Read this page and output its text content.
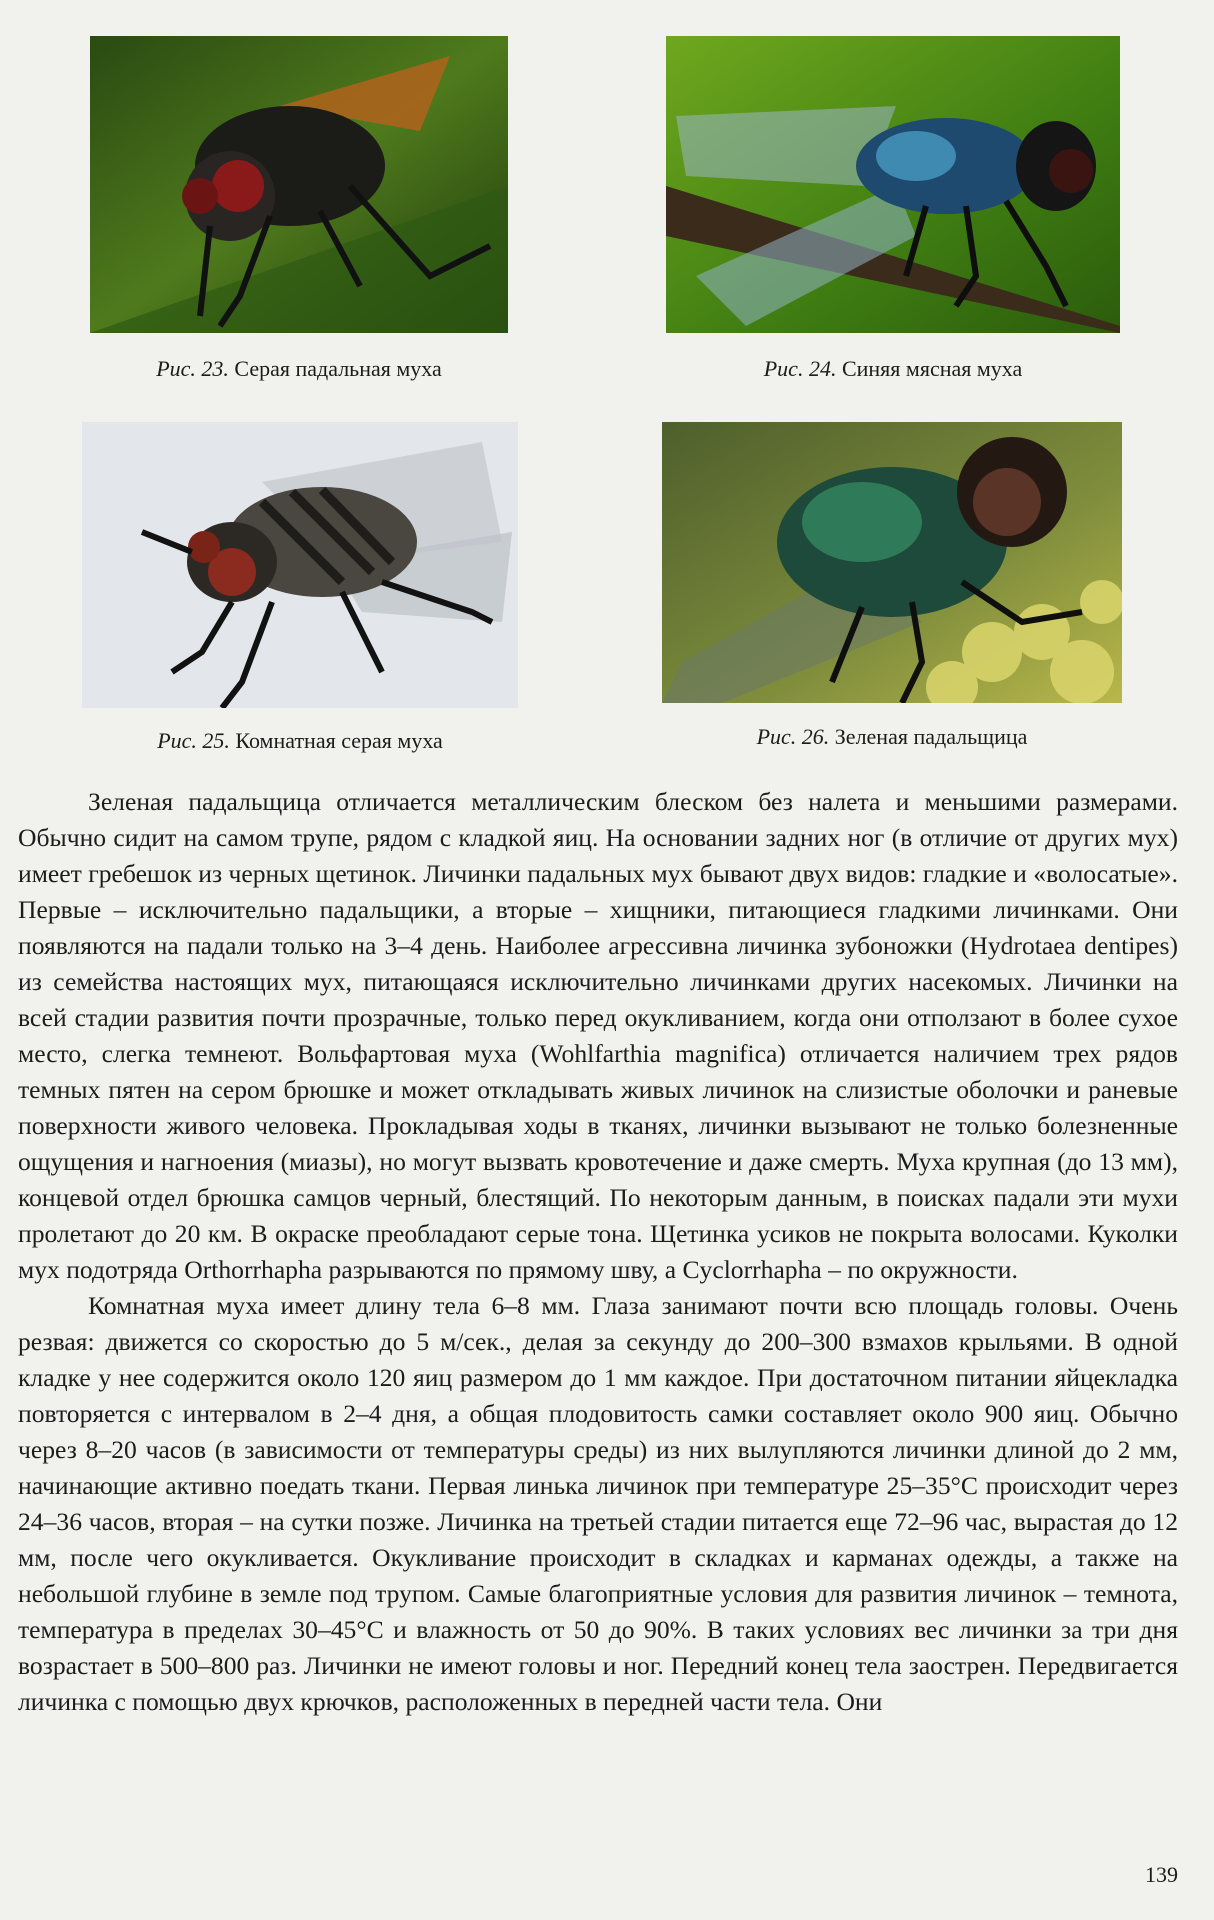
Рис. 23. Серая падальная муха	Рис. 24. Синяя мясная муха
Рис. 25. Комнатная серая муха	Рис. 26. Зеленая падальщица

Зеленая падальщица отличается металлическим блеском без налета и меньшими размерами. Обычно сидит на самом трупе, рядом с кладкой яиц. На основании задних ног (в отличие от других мух) имеет гребешок из черных щетинок. Личинки падальных мух бывают двух видов: гладкие и «волосатые». Первые – исключительно падальщики, а вторые – хищники, питающиеся гладкими личинками. Они появляются на падали только на 3–4 день. Наиболее агрессивна личинка зубоножки (Hydrotaea dentipes) из семейства настоящих мух, питающаяся исключительно личинками других насекомых. Личинки на всей стадии развития почти прозрачные, только перед окукливанием, когда они отползают в более сухое место, слегка темнеют. Вольфартовая муха (Wohlfarthia magnifica) отличается наличием трех рядов темных пятен на сером брюшке и может откладывать живых личинок на слизистые оболочки и раневые поверхности живого человека. Прокладывая ходы в тканях, личинки вызывают не только болезненные ощущения и нагноения (миазы), но могут вызвать кровотечение и даже смерть. Муха крупная (до 13 мм), концевой отдел брюшка самцов черный, блестящий. По некоторым данным, в поисках падали эти мухи пролетают до 20 км. В окраске преобладают серые тона. Щетинка усиков не покрыта волосами. Куколки мух подотряда Orthorrhapha разрываются по прямому шву, а Cyclorrhapha – по окружности.

Комнатная муха имеет длину тела 6–8 мм. Глаза занимают почти всю площадь головы. Очень резвая: движется со скоростью до 5 м/сек., делая за секунду до 200–300 взмахов крыльями. В одной кладке у нее содержится около 120 яиц размером до 1 мм каждое. При достаточном питании яйцекладка повторяется с интервалом в 2–4 дня, а общая плодовитость самки составляет около 900 яиц. Обычно через 8–20 часов (в зависимости от температуры среды) из них вылупляются личинки длиной до 2 мм, начинающие активно поедать ткани. Первая линька личинок при температуре 25–35°С происходит через 24–36 часов, вторая – на сутки позже. Личинка на третьей стадии питается еще 72–96 час, вырастая до 12 мм, после чего окукливается. Окукливание происходит в складках и карманах одежды, а также на небольшой глубине в земле под трупом. Самые благоприятные условия для развития личинок – темнота, температура в пределах 30–45°С и влажность от 50 до 90%. В таких условиях вес личинки за три дня возрастает в 500–800 раз. Личинки не имеют головы и ног. Передний конец тела заострен. Передвигается личинка с помощью двух крючков, расположенных в передней части тела. Они

139
